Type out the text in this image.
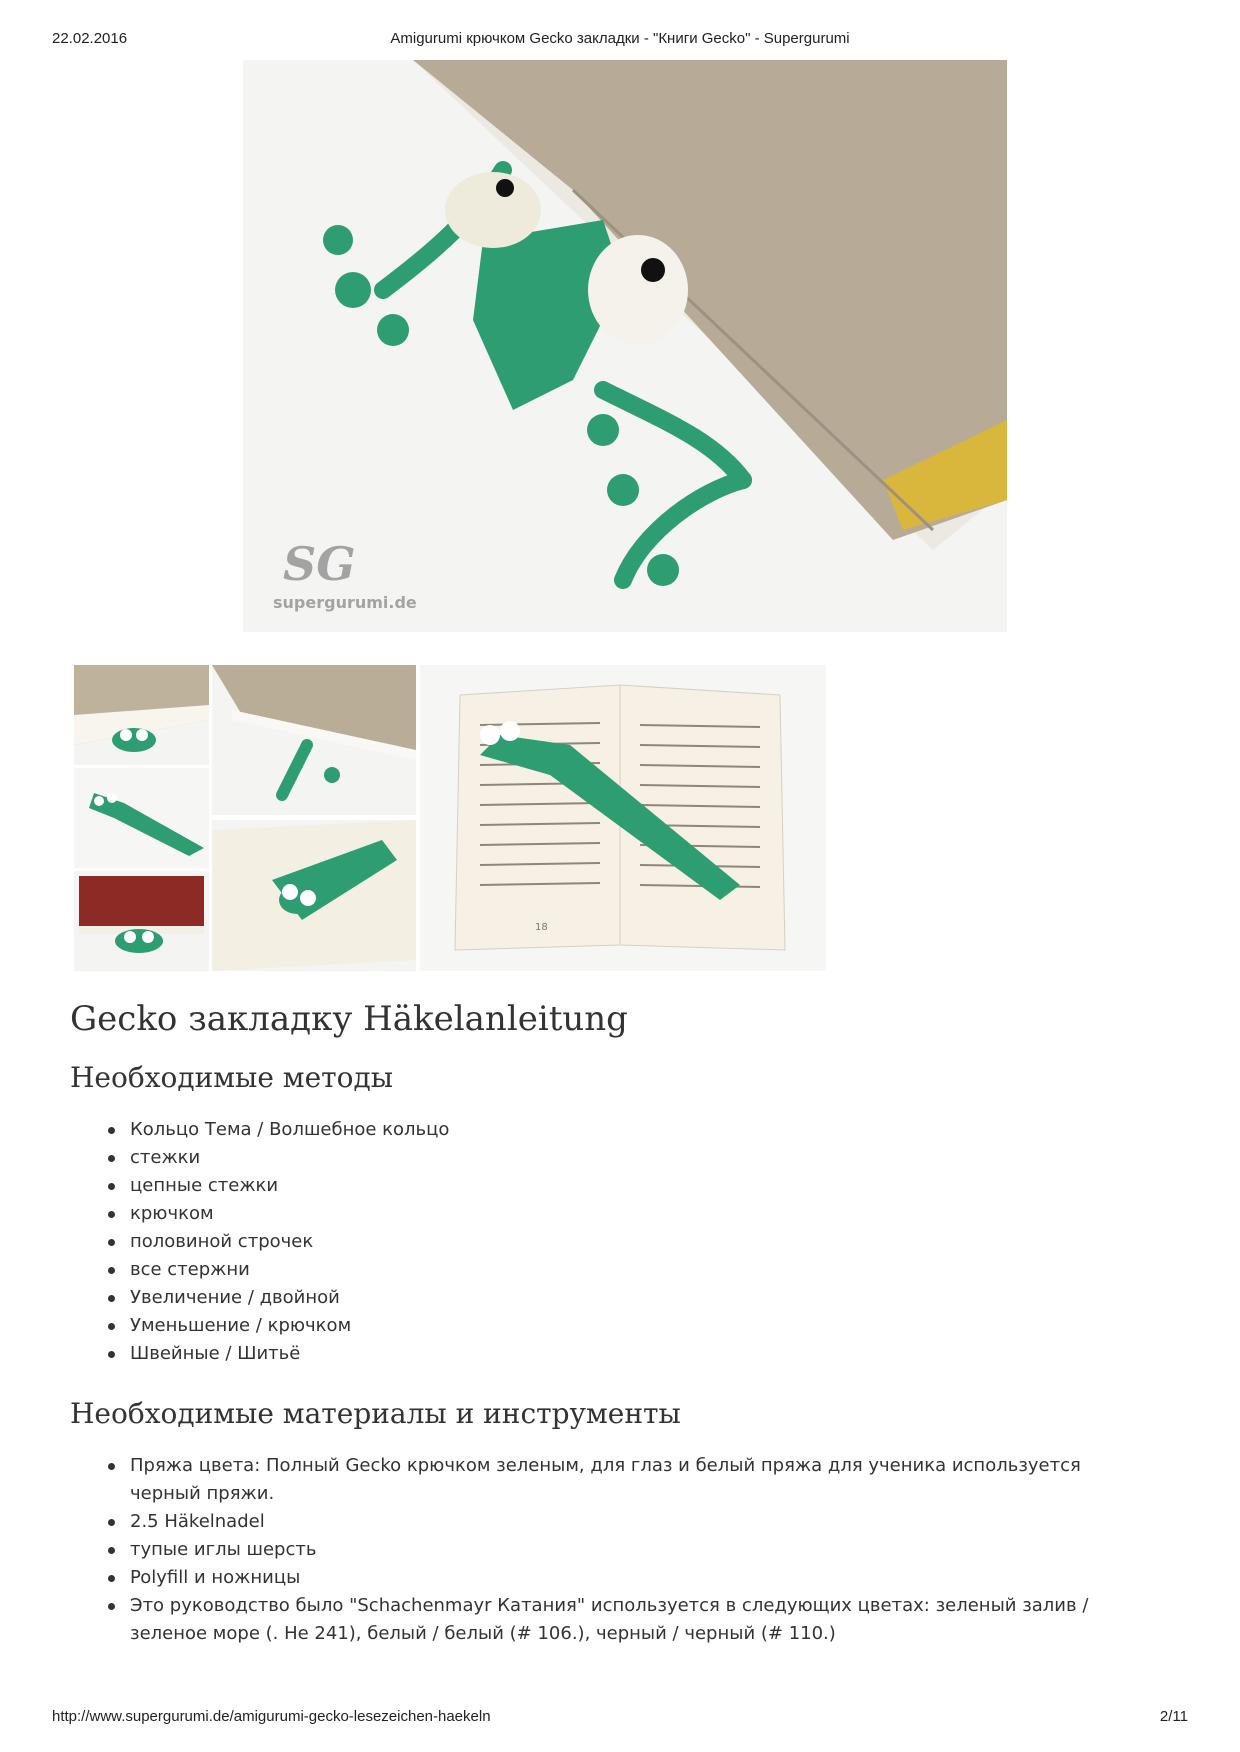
22.02.2016	Amigurumi крючком Gecko закладки - "Книги Gecko" - Supergurumi
SG
supergurumi.de
18
Gecko закладку Häkelanleitung
Необходимые методы
Кольцо Тема / Волшебное кольцо
стежки
цепные стежки
крючком
половиной строчек
все стержни
Увеличение / двойной
Уменьшение / крючком
Швейные / Шитьё
Необходимые материалы и инструменты
Пряжа цвета: Полный Gecko крючком зеленым, для глаз и белый пряжа для ученика используется черный пряжи.
2.5 Häkelnadel
тупые иглы шерсть
Polyfill и ножницы
Это руководство было "Schachenmayr Катания" используется в следующих цветах: зеленый залив / зеленое море (. Не 241), белый / белый (# 106.), черный / черный (# 110.)
http://www.supergurumi.de/amigurumi-gecko-lesezeichen-haekeln	2/11
